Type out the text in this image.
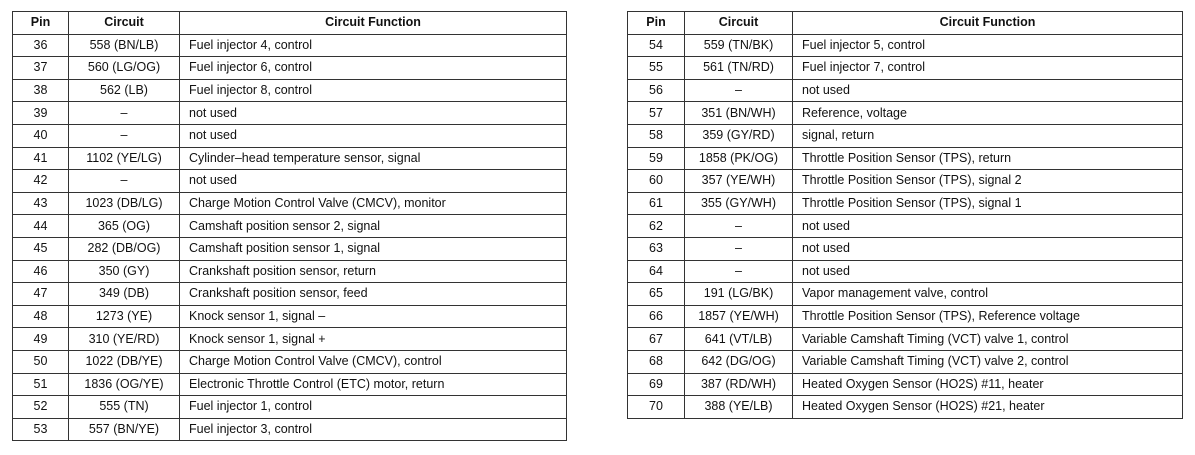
Pin	Circuit	Circuit Function
36	558 (BN/LB)	Fuel injector 4, control
37	560 (LG/OG)	Fuel injector 6, control
38	562 (LB)	Fuel injector 8, control
39	–	not used
40	–	not used
41	1102 (YE/LG)	Cylinder–head temperature sensor, signal
42	–	not used
43	1023 (DB/LG)	Charge Motion Control Valve (CMCV), monitor
44	365 (OG)	Camshaft position sensor 2, signal
45	282 (DB/OG)	Camshaft position sensor 1, signal
46	350 (GY)	Crankshaft position sensor, return
47	349 (DB)	Crankshaft position sensor, feed
48	1273 (YE)	Knock sensor 1, signal –
49	310 (YE/RD)	Knock sensor 1, signal +
50	1022 (DB/YE)	Charge Motion Control Valve (CMCV), control
51	1836 (OG/YE)	Electronic Throttle Control (ETC) motor, return
52	555 (TN)	Fuel injector 1, control
53	557 (BN/YE)	Fuel injector 3, control
Pin	Circuit	Circuit Function
54	559 (TN/BK)	Fuel injector 5, control
55	561 (TN/RD)	Fuel injector 7, control
56	–	not used
57	351 (BN/WH)	Reference, voltage
58	359 (GY/RD)	signal, return
59	1858 (PK/OG)	Throttle Position Sensor (TPS), return
60	357 (YE/WH)	Throttle Position Sensor (TPS), signal 2
61	355 (GY/WH)	Throttle Position Sensor (TPS), signal 1
62	–	not used
63	–	not used
64	–	not used
65	191 (LG/BK)	Vapor management valve, control
66	1857 (YE/WH)	Throttle Position Sensor (TPS), Reference voltage
67	641 (VT/LB)	Variable Camshaft Timing (VCT) valve 1, control
68	642 (DG/OG)	Variable Camshaft Timing (VCT) valve 2, control
69	387 (RD/WH)	Heated Oxygen Sensor (HO2S) #11, heater
70	388 (YE/LB)	Heated Oxygen Sensor (HO2S) #21, heater
